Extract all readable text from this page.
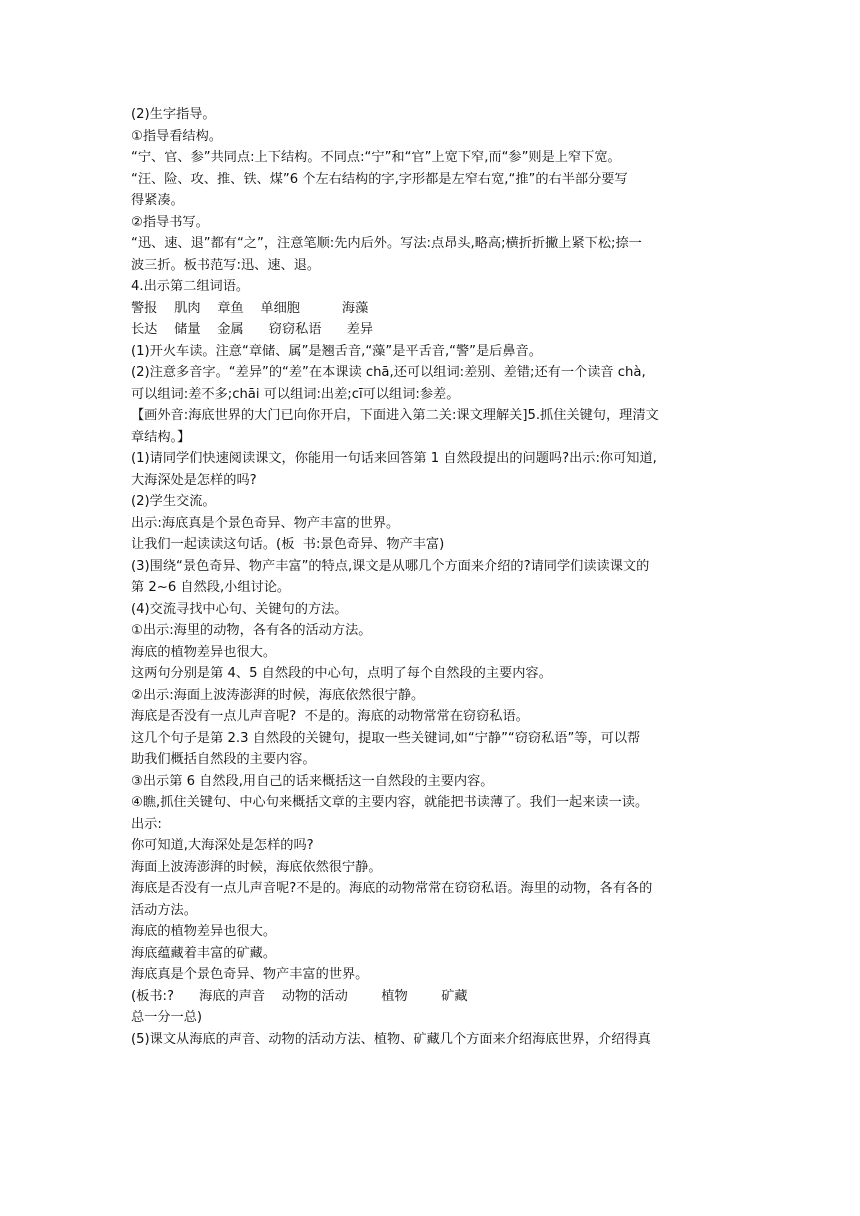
(2)生字指导。
①指导看结构。
“宁、官、参”共同点:上下结构。不同点:“宁”和“官”上宽下窄,而“参”则是上窄下宽。
“汪、险、攻、推、铁、煤”6 个左右结构的字,字形都是左窄右宽,“推”的右半部分要写
得紧凑。
②指导书写。
“迅、速、退”都有“之”，注意笔顺:先内后外。写法:点昂头,略高;横折折撇上紧下松;捺一
波三折。板书范写:迅、速、退。
4.出示第二组词语。
警报    肌肉    章鱼    单细胞          海藻
长达    储量    金属      窃窃私语      差异
(1)开火车读。注意“章储、属”是翘舌音,“藻”是平舌音,“警”是后鼻音。
(2)注意多音字。“差异”的“差”在本课读 chā,还可以组词:差别、差错;还有一个读音 chà,
可以组词:差不多;chāi 可以组词:出差;cī可以组词:参差。
【画外音:海底世界的大门已向你开启，下面进入第二关:课文理解关]5.抓住关键句，理清文
章结构。】
(1)请同学们快速阅读课文，你能用一句话来回答第 1 自然段提出的问题吗?出示:你可知道,
大海深处是怎样的吗?
(2)学生交流。
出示:海底真是个景色奇异、物产丰富的世界。
让我们一起读读这句话。(板  书:景色奇异、物产丰富)
(3)围绕“景色奇异、物产丰富”的特点,课文是从哪几个方面来介绍的?请同学们读读课文的
第 2~6 自然段,小组讨论。
(4)交流寻找中心句、关键句的方法。
①出示:海里的动物，各有各的活动方法。
海底的植物差异也很大。
这两句分别是第 4、5 自然段的中心句，点明了每个自然段的主要内容。
②出示:海面上波涛澎湃的时候，海底依然很宁静。
海底是否没有一点儿声音呢?  不是的。海底的动物常常在窃窃私语。
这几个句子是第 2.3 自然段的关键句，提取一些关键词,如“宁静”“窃窃私语”等，可以帮
助我们概括自然段的主要内容。
③出示第 6 自然段,用自己的话来概括这一自然段的主要内容。
④瞧,抓住关键句、中心句来概括文章的主要内容，就能把书读薄了。我们一起来读一读。
出示:
你可知道,大海深处是怎样的吗?
海面上波涛澎湃的时候，海底依然很宁静。
海底是否没有一点儿声音呢?不是的。海底的动物常常在窃窃私语。海里的动物，各有各的
活动方法。
海底的植物差异也很大。
海底蕴藏着丰富的矿藏。
海底真是个景色奇异、物产丰富的世界。
(板书:?      海底的声音    动物的活动        植物        矿藏
总一分一总)
(5)课文从海底的声音、动物的活动方法、植物、矿藏几个方面来介绍海底世界，介绍得真
